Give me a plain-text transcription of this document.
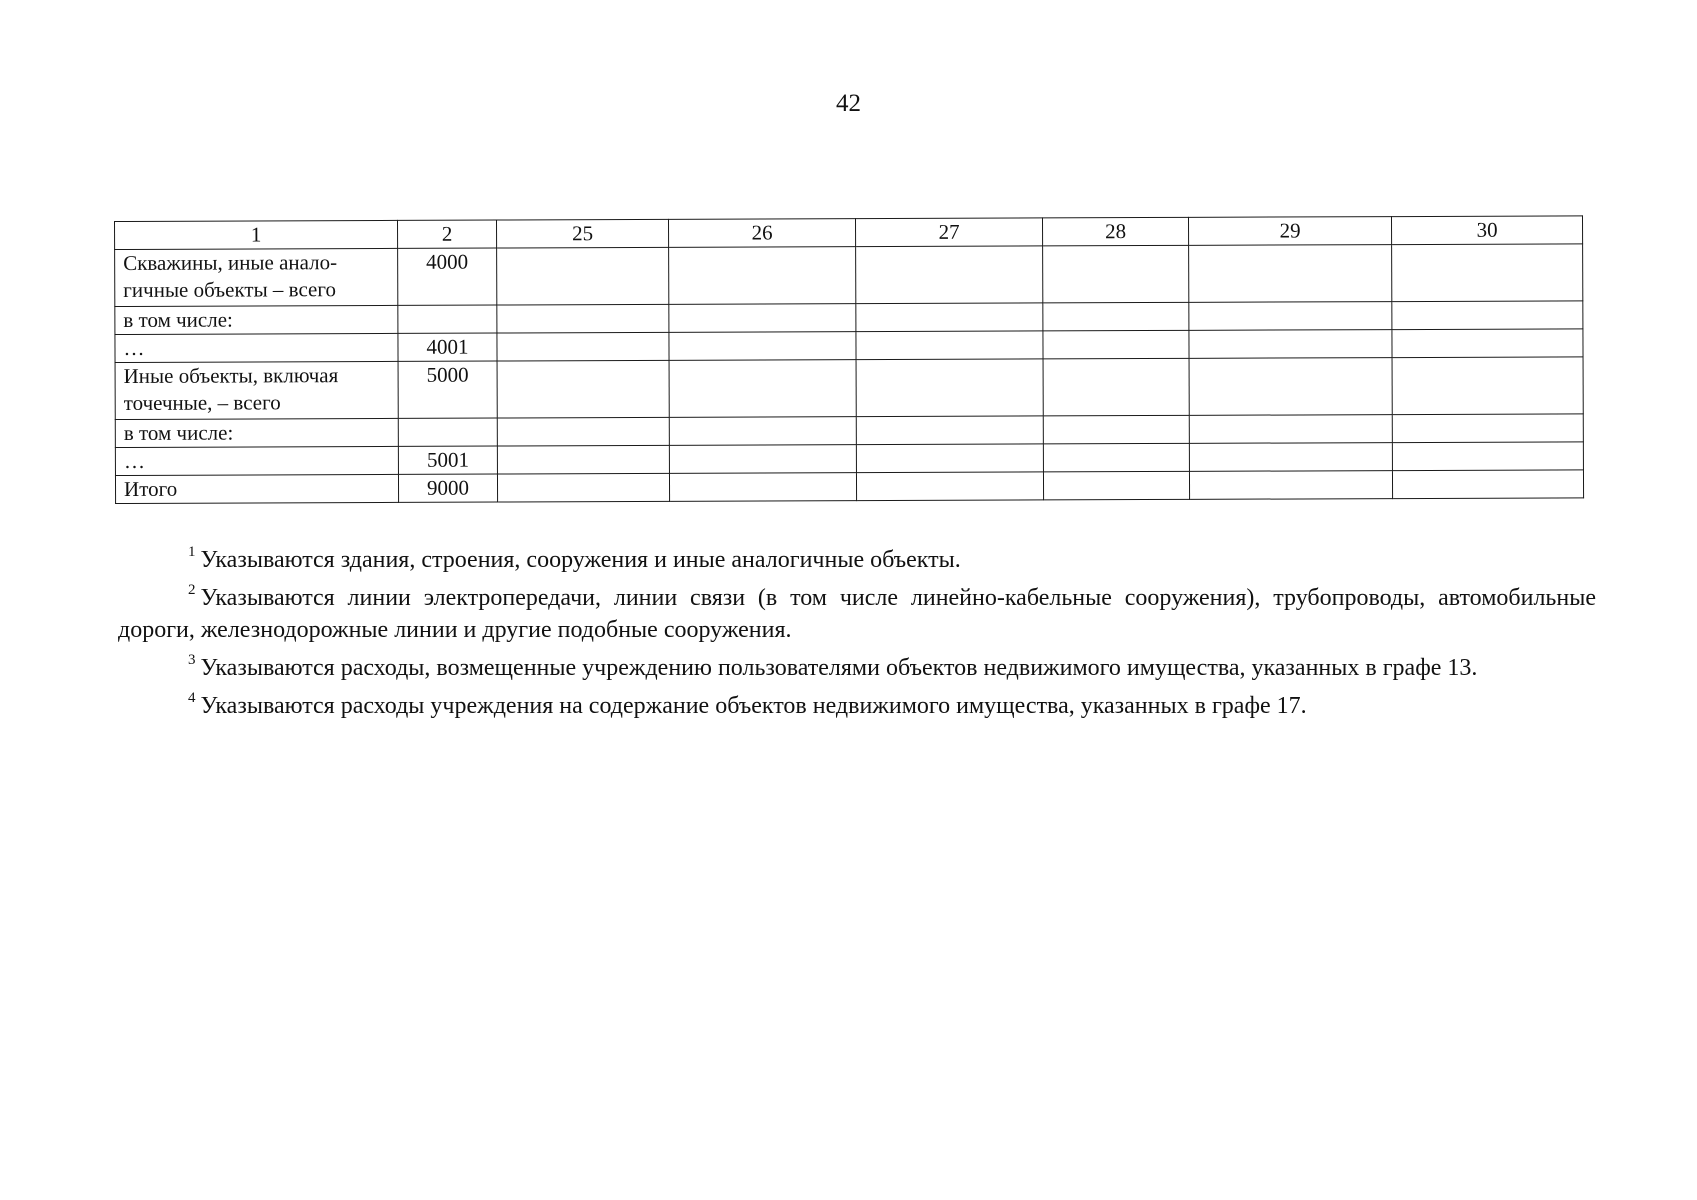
42
1	2	25	26	27	28	29	30
Скважины, иные анало-гичные объекты – всего	4000						
в том числе:							
…	4001						
Иные объекты, включая точечные, – всего	5000						
в том числе:							
…	5001						
Итого	9000						

$^1$ Указываются здания, строения, сооружения и иные аналогичные объекты.

$^2$ Указываются линии электропередачи, линии связи (в том числе линейно-кабельные сооружения), трубопроводы, автомобильные дороги, железнодорожные линии и другие подобные сооружения.

$^3$ Указываются расходы, возмещенные учреждению пользователями объектов недвижимого имущества, указанных в графе 13.

$^4$ Указываются расходы учреждения на содержание объектов недвижимого имущества, указанных в графе 17.
